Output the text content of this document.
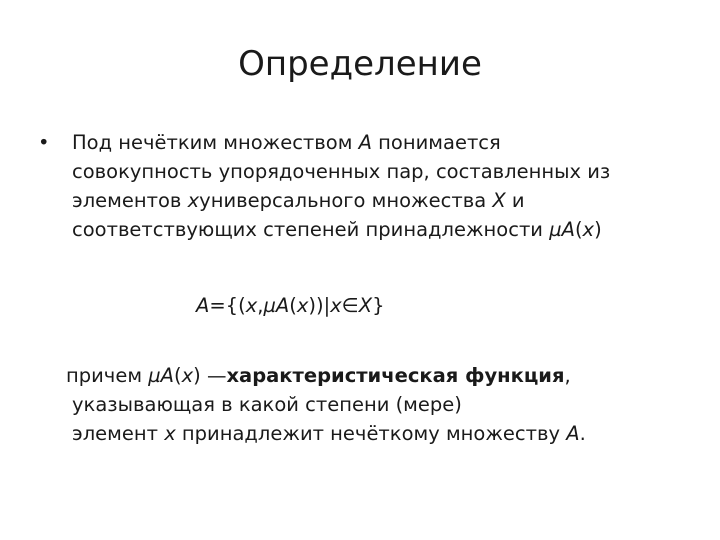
Определение
•	Под нечётким множеством A понимается
совокупность упорядоченных пар, составленных из
элементов xуниверсального множества X и
соответствующих степеней принадлежности µA(x)
A={(x,µA(x))|x∈X}
причем µA(x) —характеристическая функция,
указывающая в какой степени (мере)
элемент x принадлежит нечёткому множеству A.
